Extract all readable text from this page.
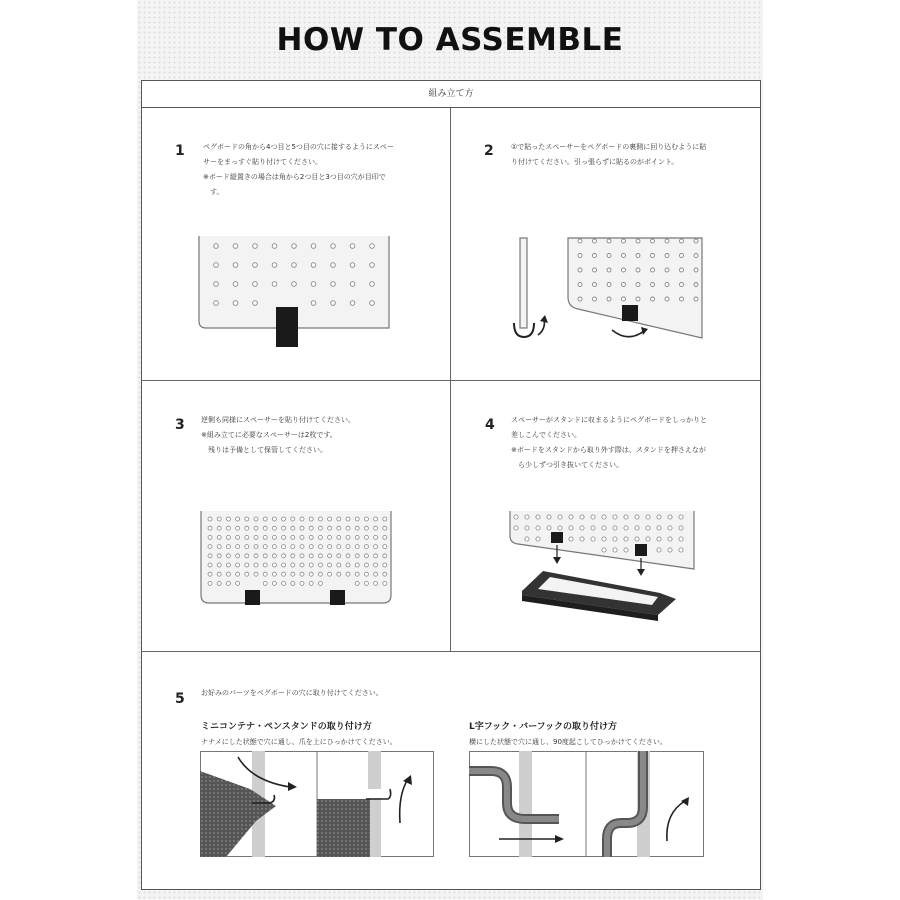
HOW TO ASSEMBLE
組み立て方
1	ペグボードの角から4つ目と5つ目の穴に接するようにスペー
サーをまっすぐ貼り付けてください。
※ボード縦置きの場合は角から2つ目と3つ目の穴が目印で
　す。
2 ①で貼ったスペーサーをペグボードの裏側に回り込むように貼
り付けてください。引っ張らずに貼るのがポイント。
3 逆側も同様にスペーサーを貼り付けてください。
※組み立てに必要なスペーサーは2枚です。
　残りは予備として保管してください。
4 スペーサーがスタンドに収まるようにペグボードをしっかりと
差しこんでください。
※ボードをスタンドから取り外す際は、スタンドを押さえなが
　ら少しずつ引き抜いてください。
5 お好みのパーツをペグボードの穴に取り付けてください。
ミニコンテナ・ペンスタンドの取り付け方
ナナメにした状態で穴に通し、爪を上にひっかけてください。
L字フック・バーフックの取り付け方
横にした状態で穴に通し、90度起こしてひっかけてください。
